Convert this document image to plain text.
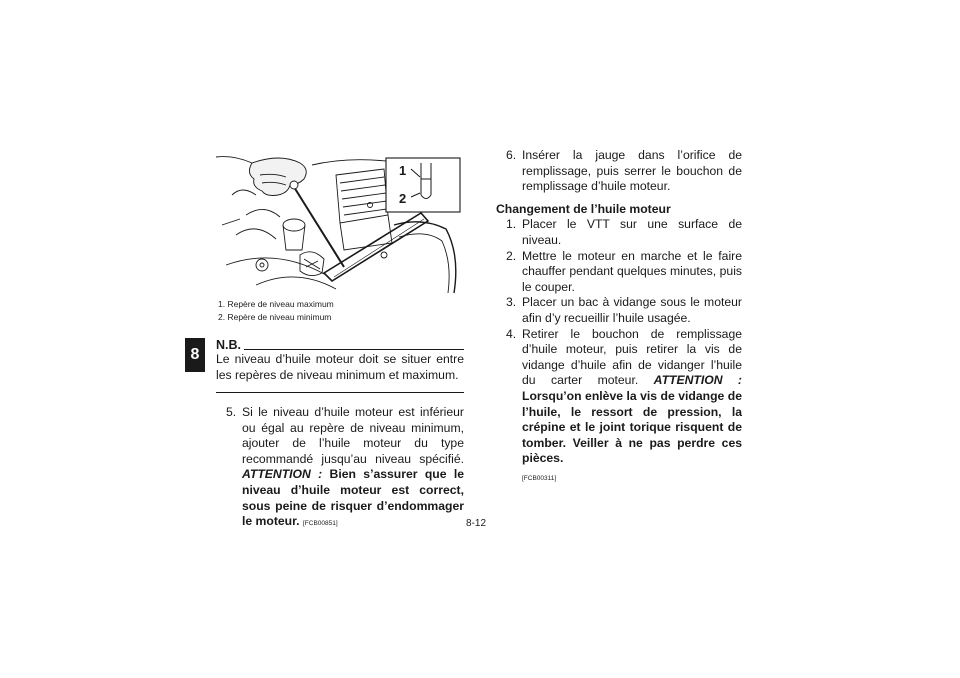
8
1
2
1. Repère de niveau maximum
2. Repère de niveau minimum
N.B.
Le niveau d’huile moteur doit se situer entre les repères de niveau minimum et maximum.
5. Si le niveau d’huile moteur est inférieur ou égal au repère de niveau minimum, ajouter de l’huile moteur du type recommandé jusqu’au niveau spécifié. ATTENTION : Bien s’assurer que le niveau d’huile moteur est correct, sous peine de risquer d’endommager le moteur. [FCB00851]
6. Insérer la jauge dans l’orifice de remplissage, puis serrer le bouchon de remplissage d’huile moteur.
Changement de l’huile moteur
1. Placer le VTT sur une surface de niveau.
2. Mettre le moteur en marche et le faire chauffer pendant quelques minutes, puis le couper.
3. Placer un bac à vidange sous le moteur afin d’y recueillir l’huile usagée.
4. Retirer le bouchon de remplissage d’huile moteur, puis retirer la vis de vidange d’huile afin de vidanger l’huile du carter moteur. ATTENTION : Lorsqu’on enlève la vis de vidange de l’huile, le ressort de pression, la crépine et le joint torique risquent de tomber. Veiller à ne pas perdre ces pièces.
[FCB00311]
8-12
